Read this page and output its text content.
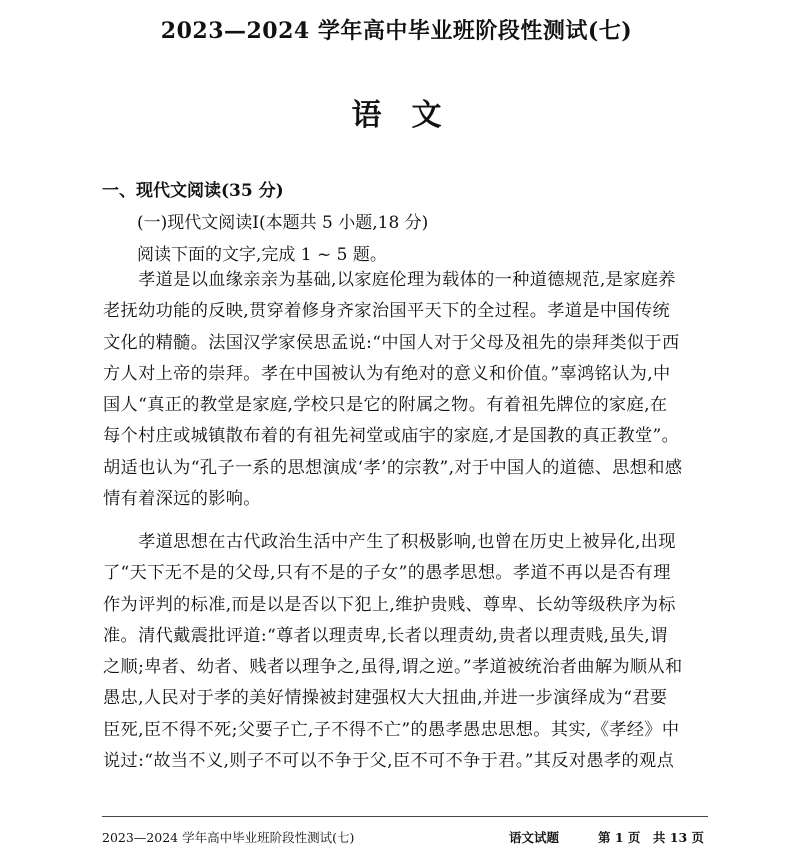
2023—2024 学年高中毕业班阶段性测试(七)
语文
一、现代文阅读(35 分)
(一)现代文阅读Ⅰ(本题共 5 小题,18 分)
阅读下面的文字,完成 1 ~ 5 题。
　　孝道是以血缘亲亲为基础,以家庭伦理为载体的一种道德规范,是家庭养
老抚幼功能的反映,贯穿着修身齐家治国平天下的全过程。孝道是中国传统
文化的精髓。法国汉学家侯思孟说:“中国人对于父母及祖先的崇拜类似于西
方人对上帝的崇拜。孝在中国被认为有绝对的意义和价值。”辜鸿铭认为,中
国人“真正的教堂是家庭,学校只是它的附属之物。有着祖先牌位的家庭,在
每个村庄或城镇散布着的有祖先祠堂或庙宇的家庭,才是国教的真正教堂”。
胡适也认为“孔子一系的思想演成‘孝’的宗教”,对于中国人的道德、思想和感
情有着深远的影响。
　　孝道思想在古代政治生活中产生了积极影响,也曾在历史上被异化,出现
了“天下无不是的父母,只有不是的子女”的愚孝思想。孝道不再以是否有理
作为评判的标准,而是以是否以下犯上,维护贵贱、尊卑、长幼等级秩序为标
准。清代戴震批评道:“尊者以理责卑,长者以理责幼,贵者以理责贱,虽失,谓
之顺;卑者、幼者、贱者以理争之,虽得,谓之逆。”孝道被统治者曲解为顺从和
愚忠,人民对于孝的美好情操被封建强权大大扭曲,并进一步演绎成为“君要
臣死,臣不得不死;父要子亡,子不得不亡”的愚孝愚忠思想。其实,《孝经》中
说过:“故当不义,则子不可以不争于父,臣不可不争于君。”其反对愚孝的观点
2023—2024 学年高中毕业班阶段性测试(七)	语文试题	第 1 页　共 13 页
